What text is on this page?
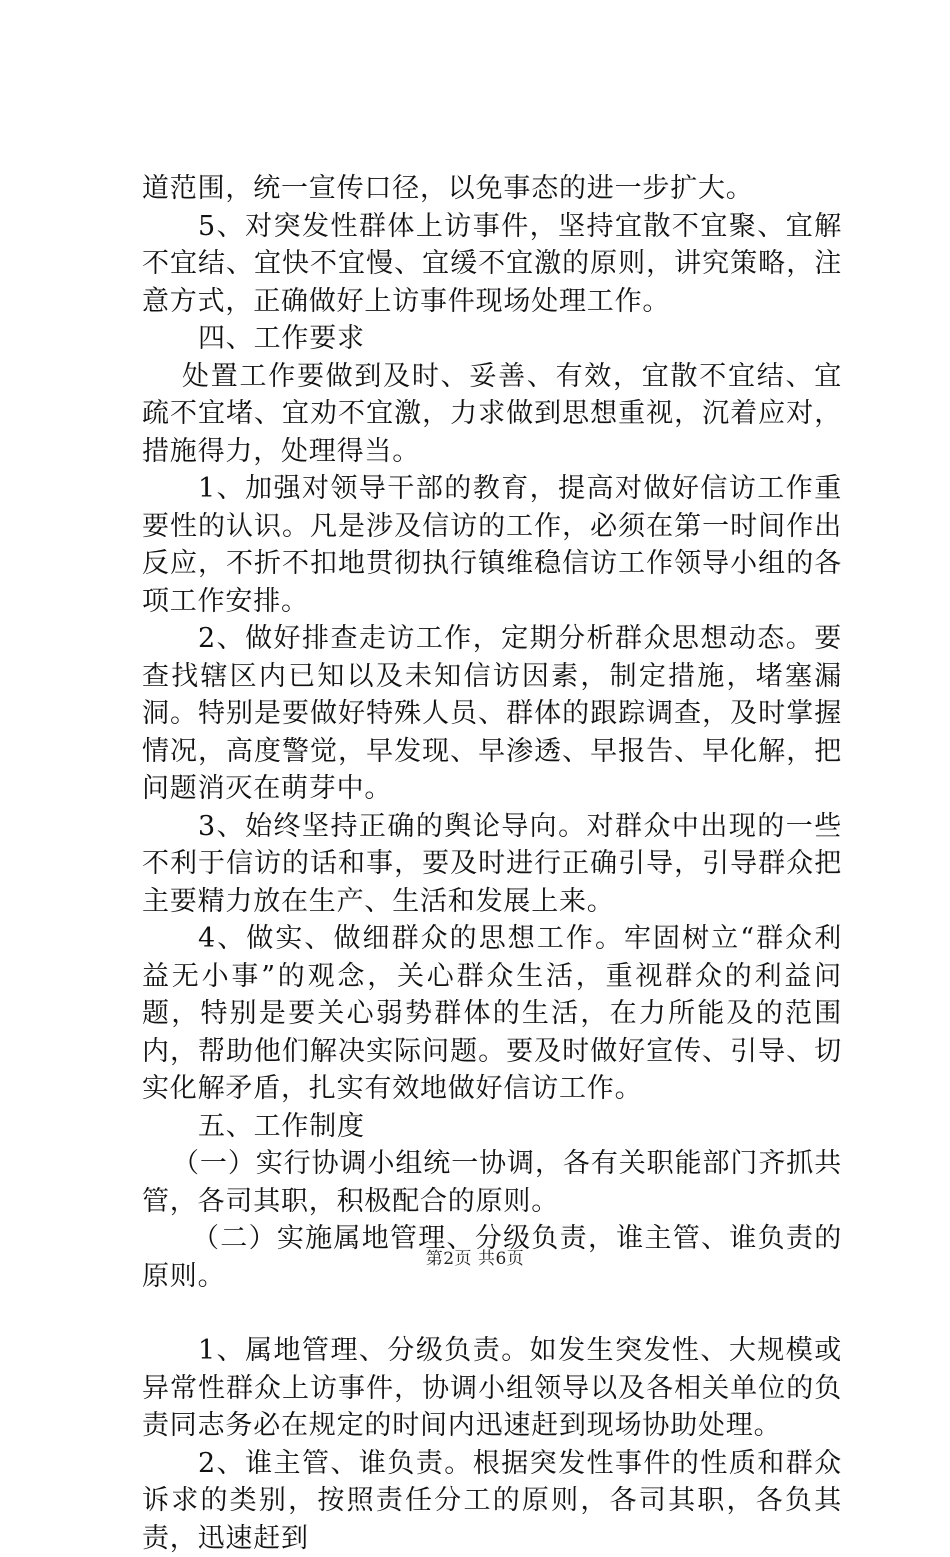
道范围，统一宣传口径，以免事态的进一步扩大。

5、对突发性群体上访事件，坚持宜散不宜聚、宜解不宜结、宜快不宜慢、宜缓不宜激的原则，讲究策略，注意方式，正确做好上访事件现场处理工作。

四、工作要求

处置工作要做到及时、妥善、有效，宜散不宜结、宜疏不宜堵、宜劝不宜激，力求做到思想重视，沉着应对，措施得力，处理得当。

1、加强对领导干部的教育，提高对做好信访工作重要性的认识。凡是涉及信访的工作，必须在第一时间作出反应，不折不扣地贯彻执行镇维稳信访工作领导小组的各项工作安排。

2、做好排查走访工作，定期分析群众思想动态。要查找辖区内已知以及未知信访因素，制定措施，堵塞漏洞。特别是要做好特殊人员、群体的跟踪调查，及时掌握情况，高度警觉，早发现、早渗透、早报告、早化解，把问题消灭在萌芽中。

3、始终坚持正确的舆论导向。对群众中出现的一些不利于信访的话和事，要及时进行正确引导，引导群众把主要精力放在生产、生活和发展上来。

4、做实、做细群众的思想工作。牢固树立“群众利益无小事”的观念，关心群众生活，重视群众的利益问题，特别是要关心弱势群体的生活，在力所能及的范围内，帮助他们解决实际问题。要及时做好宣传、引导、切实化解矛盾，扎实有效地做好信访工作。

五、工作制度

（一）实行协调小组统一协调，各有关职能部门齐抓共管，各司其职，积极配合的原则。

（二）实施属地管理、分级负责，谁主管、谁负责的原则。

1、属地管理、分级负责。如发生突发性、大规模或异常性群众上访事件，协调小组领导以及各相关单位的负责同志务必在规定的时间内迅速赶到现场协助处理。

2、谁主管、谁负责。根据突发性事件的性质和群众诉求的类别，按照责任分工的原则，各司其职，各负其责，迅速赶到

第2页 共6页
